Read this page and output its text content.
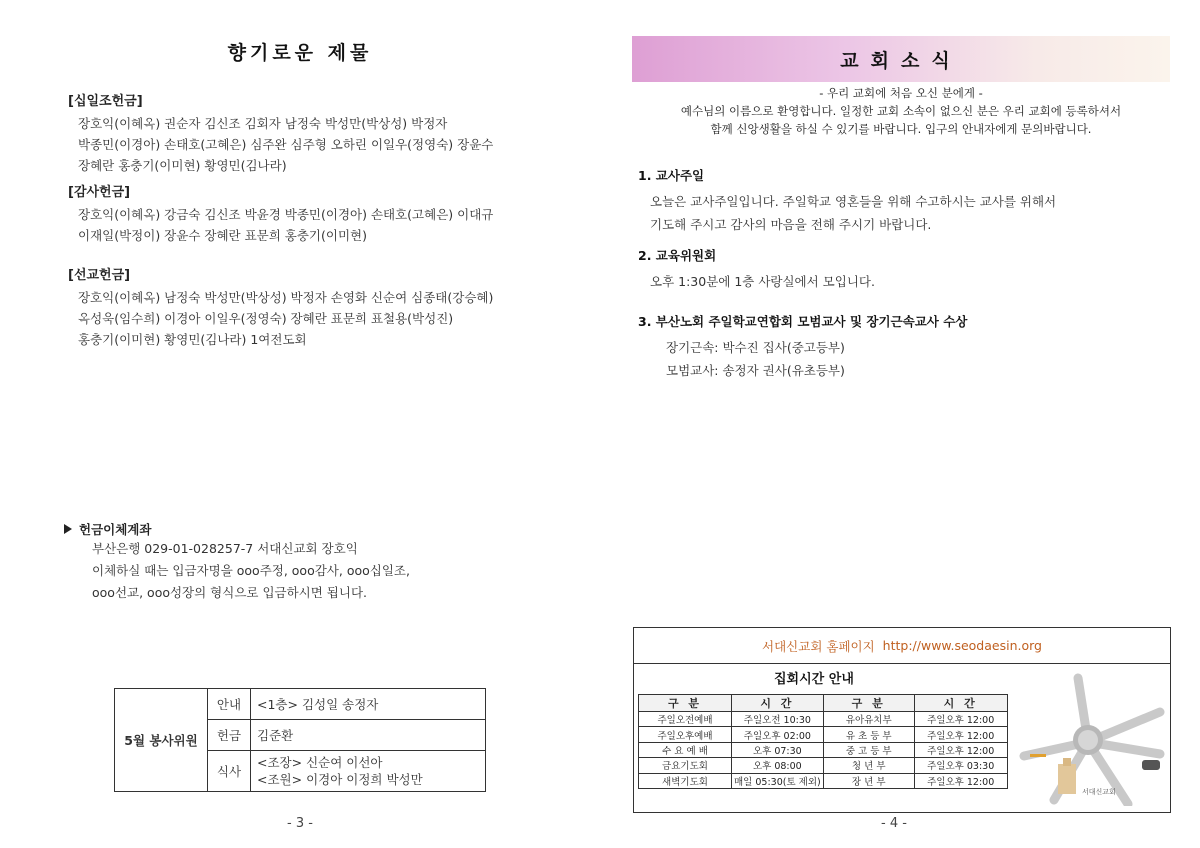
향기로운 제물
[십일조헌금]
장호익(이혜옥) 권순자 김신조 김회자 남정숙 박성만(박상성) 박정자
박종민(이경아) 손태호(고혜은) 심주완 심주형 오하린 이일우(정영숙) 장윤수
장혜란 홍충기(이미현) 황영민(김나라)
[감사헌금]
장호익(이혜옥) 강금숙 김신조 박윤경 박종민(이경아) 손태호(고혜은) 이대규
이재일(박정이) 장윤수 장혜란 표문희 홍충기(이미현)
[선교헌금]
장호익(이혜옥) 남정숙 박성만(박상성) 박정자 손영화 신순여 심종태(강승혜)
옥성욱(임수희) 이경아 이일우(정영숙) 장혜란 표문희 표철용(박성진)
홍충기(이미현) 황영민(김나라) 1여전도회
헌금이체계좌
부산은행 029-01-028257-7 서대신교회 장호익
이체하실 때는 입금자명을 ooo주정, ooo감사, ooo십일조,
ooo선교, ooo성장의 형식으로 입금하시면 됩니다.
5월 봉사위원	안내	<1층> 김성일 송정자
	헌금	김준환
	식사	<조장> 신순여 이선아
<조원> 이경아 이정희 박성만
- 3 -
교회소식
- 우리 교회에 처음 오신 분에게 -
예수님의 이름으로 환영합니다. 일정한 교회 소속이 없으신 분은 우리 교회에 등록하셔서
함께 신앙생활을 하실 수 있기를 바랍니다. 입구의 안내자에게 문의바랍니다.
1. 교사주일
오늘은 교사주일입니다. 주일학교 영혼들을 위해 수고하시는 교사를 위해서
기도해 주시고 감사의 마음을 전해 주시기 바랍니다.
2. 교육위원회
오후 1:30분에 1층 사랑실에서 모입니다.
3. 부산노회 주일학교연합회 모범교사 및 장기근속교사 수상
장기근속: 박수진 집사(중고등부)
모범교사: 송정자 권사(유초등부)
서대신교회 홈페이지 http://www.seodaesin.org
집회시간 안내
구 분	시 간	구 분	시 간
주일오전예배	주일오전 10:30	유아유치부	주일오후 12:00
주일오후예배	주일오후 02:00	유 초 등 부	주일오후 12:00
수 요 예 배	오후 07:30	중 고 등 부	주일오후 12:00
금요기도회	오후 08:00	청 년 부	주일오후 03:30
새벽기도회	매일 05:30(토 제외)	장 년 부	주일오후 12:00
서대신교회
- 4 -
